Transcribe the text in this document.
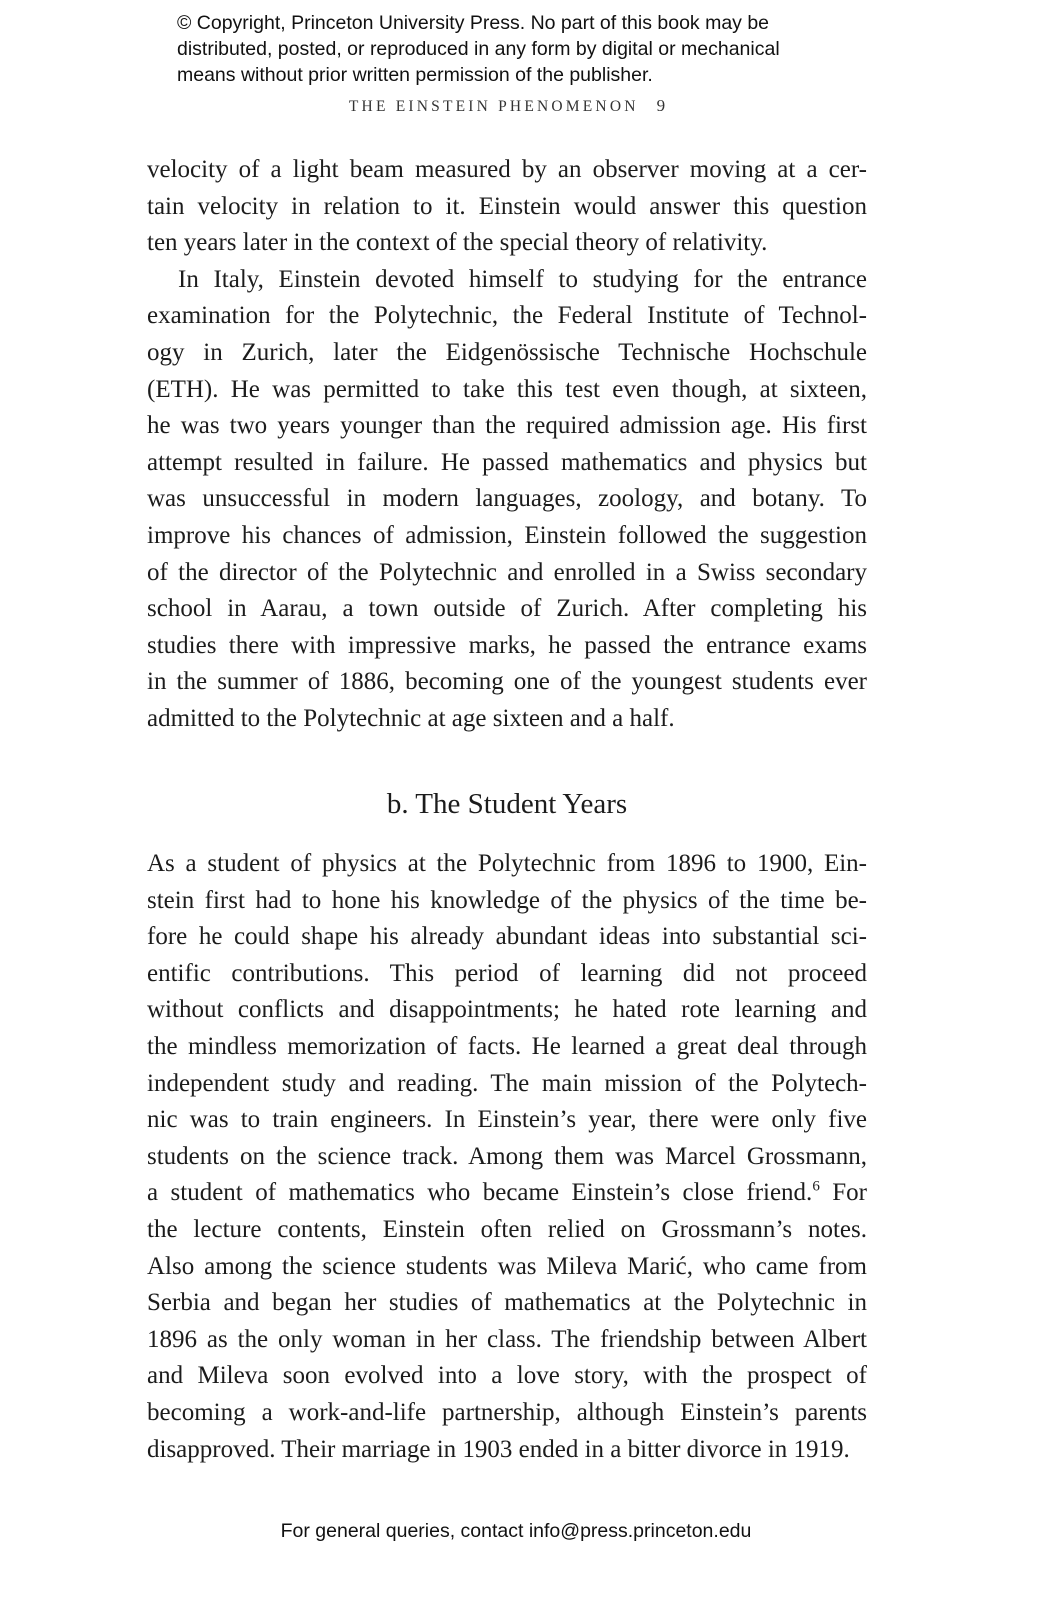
© Copyright, Princeton University Press. No part of this book may be
distributed, posted, or reproduced in any form by digital or mechanical
means without prior written permission of the publisher.
THE EINSTEIN PHENOMENON 9
velocity of a light beam measured by an observer moving at a cer-
tain velocity in relation to it. Einstein would answer this question
ten years later in the context of the special theory of relativity.
In Italy, Einstein devoted himself to studying for the entrance
examination for the Polytechnic, the Federal Institute of Technol-
ogy in Zurich, later the Eidgenössische Technische Hochschule
(ETH). He was permitted to take this test even though, at sixteen,
he was two years younger than the required admission age. His first
attempt resulted in failure. He passed mathematics and physics but
was unsuccessful in modern languages, zoology, and botany. To
improve his chances of admission, Einstein followed the suggestion
of the director of the Polytechnic and enrolled in a Swiss secondary
school in Aarau, a town outside of Zurich. After completing his
studies there with impressive marks, he passed the entrance exams
in the summer of 1886, becoming one of the youngest students ever
admitted to the Polytechnic at age sixteen and a half.
b. The Student Years
As a student of physics at the Polytechnic from 1896 to 1900, Ein-
stein first had to hone his knowledge of the physics of the time be-
fore he could shape his already abundant ideas into substantial sci-
entific contributions. This period of learning did not proceed
without conflicts and disappointments; he hated rote learning and
the mindless memorization of facts. He learned a great deal through
independent study and reading. The main mission of the Polytech-
nic was to train engineers. In Einstein’s year, there were only five
students on the science track. Among them was Marcel Grossmann,
a student of mathematics who became Einstein’s close friend.$^6$ For
the lecture contents, Einstein often relied on Grossmann’s notes.
Also among the science students was Mileva Marić, who came from
Serbia and began her studies of mathematics at the Polytechnic in
1896 as the only woman in her class. The friendship between Albert
and Mileva soon evolved into a love story, with the prospect of
becoming a work-and-life partnership, although Einstein’s parents
disapproved. Their marriage in 1903 ended in a bitter divorce in 1919.
For general queries, contact info@press.princeton.edu
